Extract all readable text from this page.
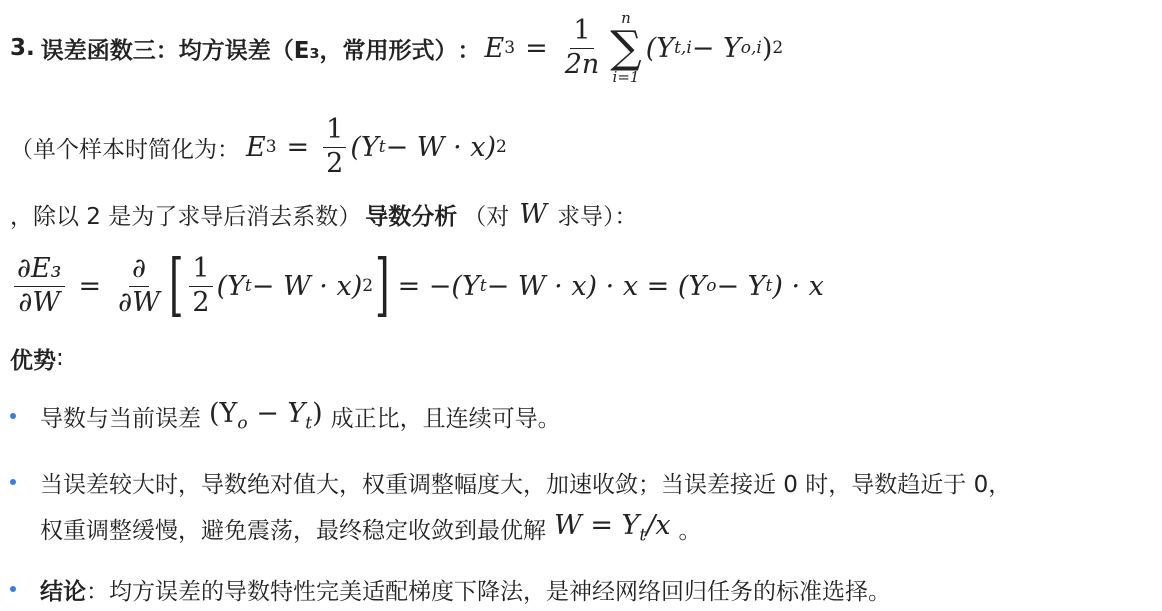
3. 误差函数三：均方误差（E₃，常用形式） ： E $3 = \frac{1}{2n}$ n
∑
i=1
(Y t,i − Y o,i ) 2
（单个样本时简化为： E $3 = \frac{1}{2} (Y$ t − W · x) 2
，除以 2 是为了求导后消去系数） 导数分析 （对 W 求导）：
$\frac{\text{∂E₃}}{\partial W} = \frac{\partial}{\partial W}$ [ $\frac{1}{2} (Y$ t − W · x) 2 ] = −(Y t − W · x) · x = (Y o − Y t ) · x
优势 :
导数与当前误差 $(Y_o - Y_t)$ 成正比，且连续可导。
当误差较大时，导数绝对值大，权重调整幅度大，加速收敛；当误差接近 0 时，导数趋近于 0，
权重调整缓慢，避免震荡，最终稳定收敛到最优解 $W = Y_t/x$ 。
结论 ：均方误差的导数特性完美适配梯度下降法，是神经网络回归任务的标准选择。
